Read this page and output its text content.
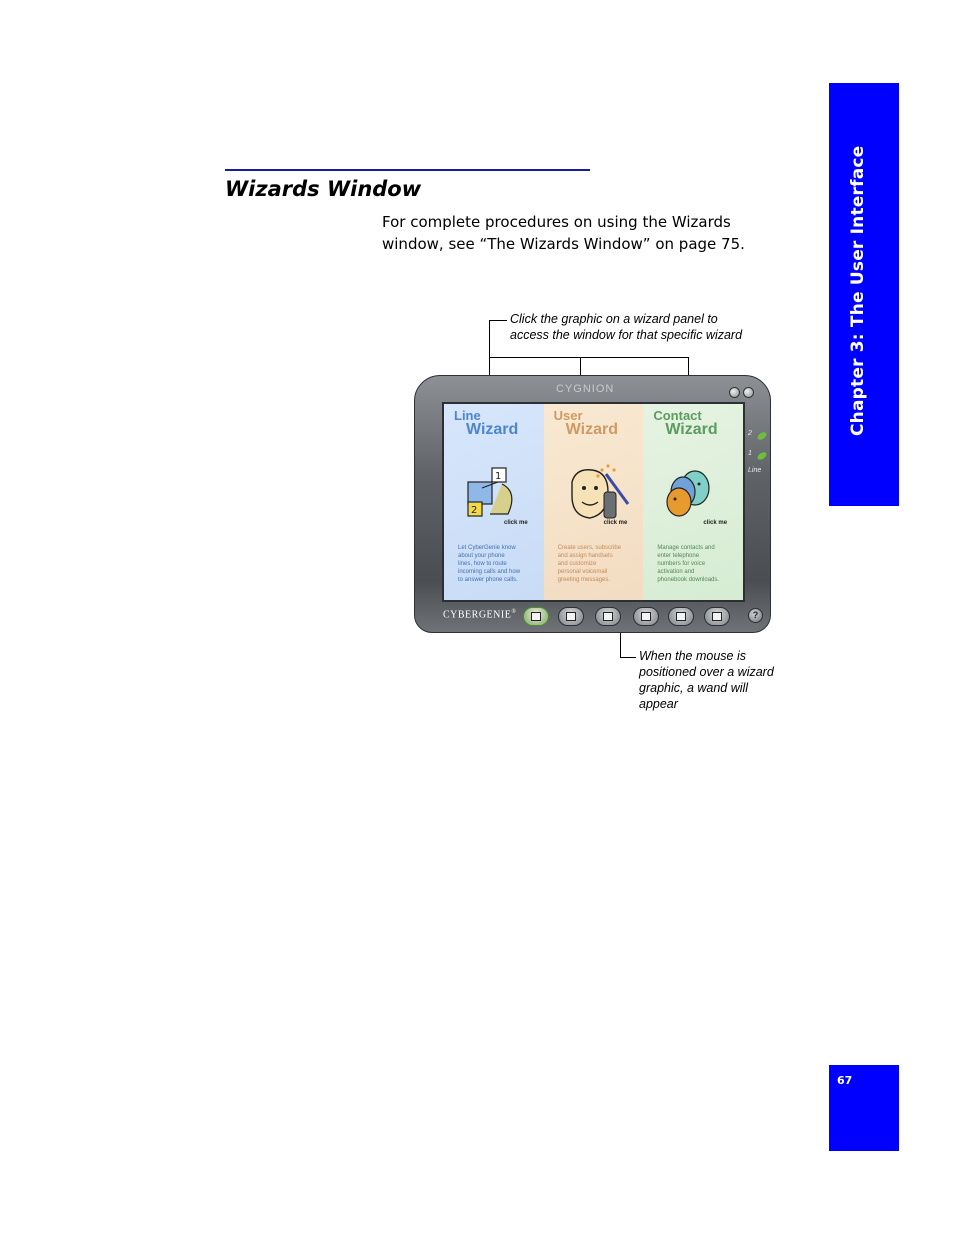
Chapter 3: The User Interface
67
Wizards Window

For complete procedures on using the Wizards
window, see “The Wizards Window” on page 75.

Click the graphic on a wizard panel to
access the window for that specific wizard
When the mouse is
positioned over a wizard
graphic, a wand will
appear
CYGNION
Line
Wizard
1
2
click me
Let CyberGenie know
about your phone
lines, how to route
incoming calls and how
to answer phone calls.
User
Wizard
click me
Create users, subscribe
and assign handsets
and customize
personal voicemail
greeting messages.
Contact
Wizard
click me
Manage contacts and
enter telephone
numbers for voice
activation and
phonebook downloads.
2
1
Line
CYBERGENIE®	?
